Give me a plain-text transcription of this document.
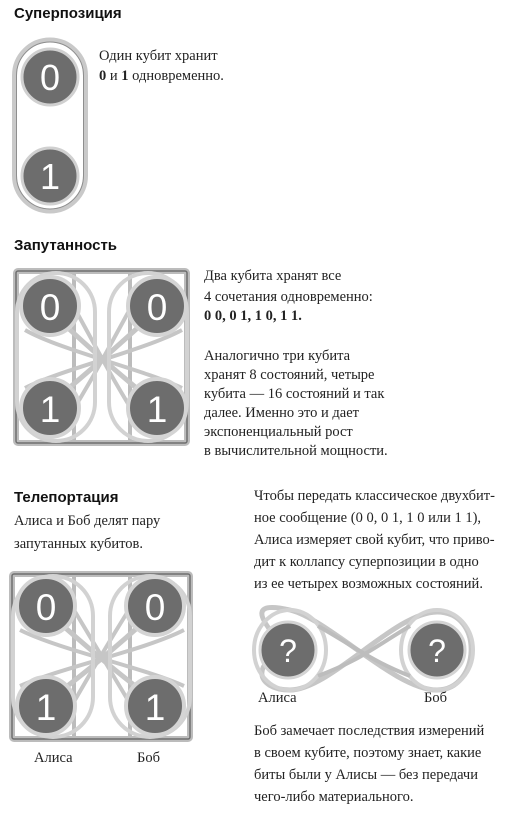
Суперпозиция
0
1
Один кубит хранит
0 и 1 одновременно.
Запутанность
0 0
1 1
Два кубита хранят все
4 сочетания одновременно:
0 0, 0 1, 1 0, 1 1.
Аналогично три кубита
хранят 8 состояний, четыре
кубита — 16 состояний и так
далее. Именно это и дает
экспоненциальный рост
в вычислительной мощности.
Телепортация
Алиса и Боб делят пару
запутанных кубитов.
Чтобы передать классическое двухбит-
ное сообщение (0 0, 0 1, 1 0 или 1 1),
Алиса измеряет свой кубит, что приво-
дит к коллапсу суперпозиции в одно
из ее четырех возможных состояний.
0 0
1 1
Алиса	Боб
?	?
Алиса	Боб
Боб замечает последствия измерений
в своем кубите, поэтому знает, какие
биты были у Алисы — без передачи
чего-либо материального.
